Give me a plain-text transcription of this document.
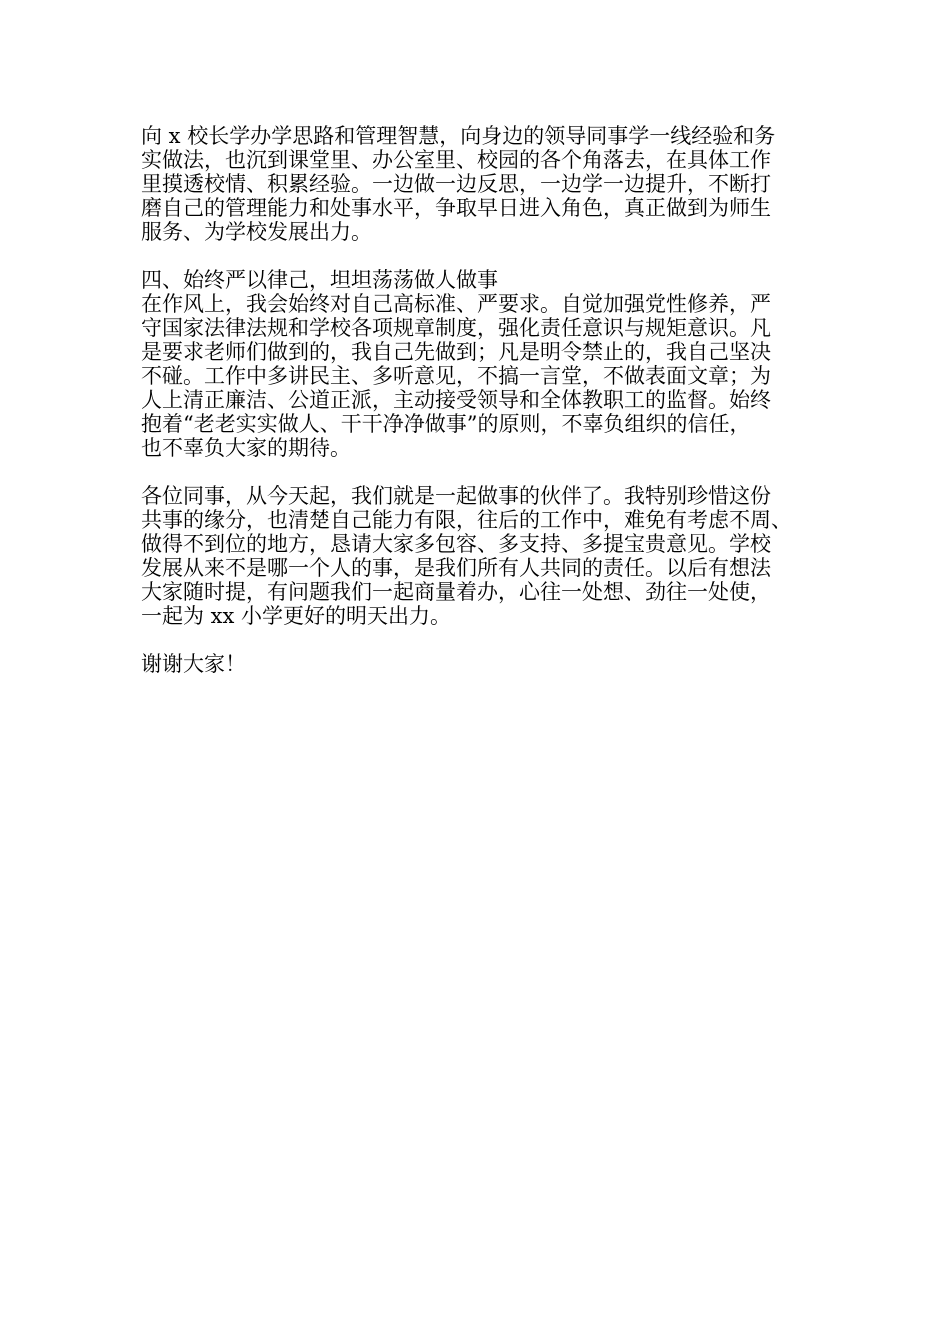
向 x 校长学办学思路和管理智慧，向身边的领导同事学一线经验和务
实做法，也沉到课堂里、办公室里、校园的各个角落去，在具体工作
里摸透校情、积累经验。一边做一边反思，一边学一边提升，不断打
磨自己的管理能力和处事水平，争取早日进入角色，真正做到为师生
服务、为学校发展出力。
四、始终严以律己，坦坦荡荡做人做事
在作风上，我会始终对自己高标准、严要求。自觉加强党性修养，严
守国家法律法规和学校各项规章制度，强化责任意识与规矩意识。凡
是要求老师们做到的，我自己先做到；凡是明令禁止的，我自己坚决
不碰。工作中多讲民主、多听意见，不搞一言堂，不做表面文章；为
人上清正廉洁、公道正派，主动接受领导和全体教职工的监督。始终
抱着“老老实实做人、干干净净做事”的原则，不辜负组织的信任，
也不辜负大家的期待。
各位同事，从今天起，我们就是一起做事的伙伴了。我特别珍惜这份
共事的缘分，也清楚自己能力有限，往后的工作中，难免有考虑不周、
做得不到位的地方，恳请大家多包容、多支持、多提宝贵意见。学校
发展从来不是哪一个人的事，是我们所有人共同的责任。以后有想法
大家随时提，有问题我们一起商量着办，心往一处想、劲往一处使，
一起为 xx 小学更好的明天出力。
谢谢大家！
